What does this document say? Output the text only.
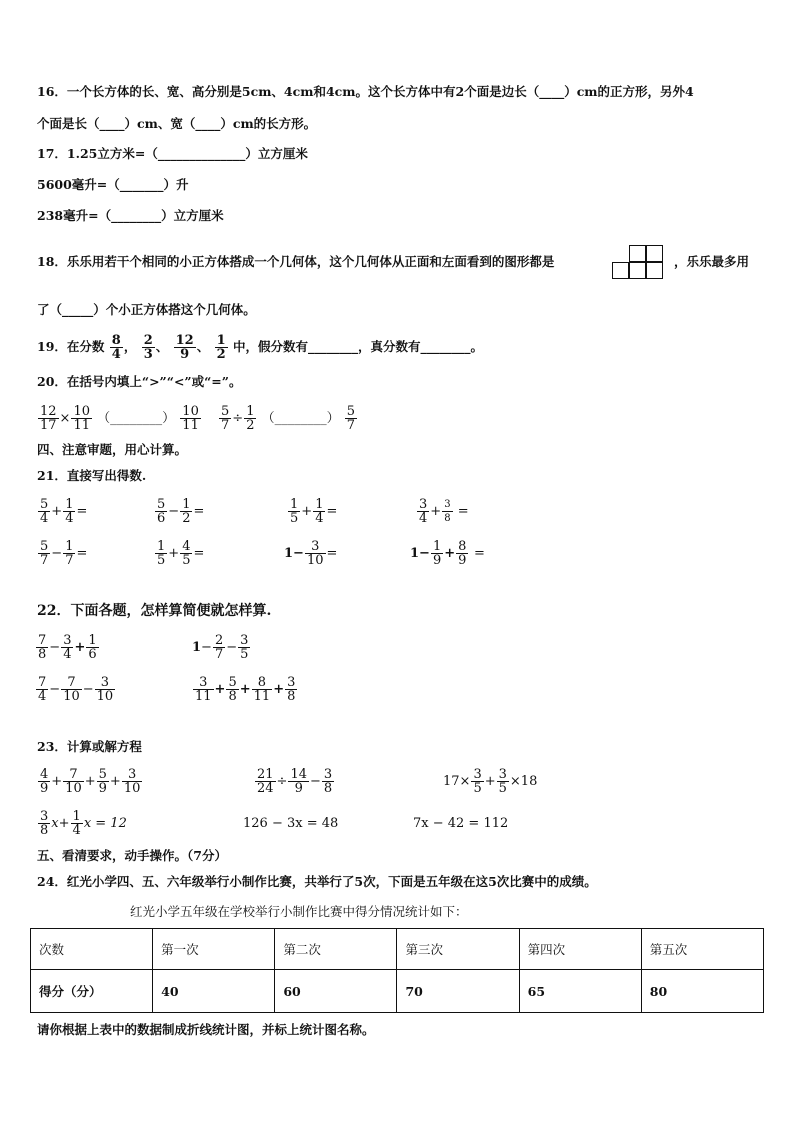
16．一个长方体的长、宽、高分别是5cm、4cm和4cm。这个长方体中有2个面是边长（____）cm的正方形，另外4
个面是长（____）cm、宽（____）cm的长方形。
17．1.25立方米=（______________）立方厘米
5600毫升=（_______）升
238毫升=（________）立方厘米
18．乐乐用若干个相同的小正方体搭成一个几何体，这个几何体从正面和左面看到的图形都是	，乐乐最多用
了（_____）个小正方体搭这个几何体。
19．在分数 $\frac{8}{4}$ ， $\frac{2}{3}$ 、 $\frac{12}{9}$ 、 $\frac{1}{2}$ 中，假分数有________，真分数有________。
20．在括号内填上“>”“<”或“=”。
$\frac{12}{17} \times \frac{10}{11}$ （________） $\frac{10}{11} \frac{5}{7} \div \frac{1}{2}$ （________） $\frac{5}{7}$
四、注意审题，用心计算。
21．直接写出得数.
$\frac{5}{4} + \frac{1}{4}$ =	$\frac{5}{6} - \frac{1}{2}$ =	$\frac{1}{5} + \frac{1}{4}$ =	$\frac{3}{4} + \frac{3}{8}$ =
$\frac{5}{7} - \frac{1}{7}$ =	$\frac{1}{5} + \frac{4}{5}$ =	$1- \frac{3}{10}$ =	$1- \frac{1}{9} + \frac{8}{9}$ =
22．下面各题，怎样算简便就怎样算.
$\frac{7}{8} - \frac{3}{4} + \frac{1}{6}$	$1- \frac{2}{7} - \frac{3}{5}$
$\frac{7}{4} - \frac{7}{10} - \frac{3}{10}$	$\frac{3}{11} + \frac{5}{8} + \frac{8}{11} + \frac{3}{8}$
23．计算或解方程
$\frac{4}{9} + \frac{7}{10} + \frac{5}{9} + \frac{3}{10}$	$\frac{21}{24} \div \frac{14}{9} - \frac{3}{8}$	$17\times \frac{3}{5} + \frac{3}{5} \times 18$
$\frac{3}{8} x+ \frac{1}{4}$ x = 12	126 − 3x = 48	7x − 42 = 112
五、看清要求，动手操作。（7分）
24．红光小学四、五、六年级举行小制作比赛，共举行了5次，下面是五年级在这5次比赛中的成绩。
红光小学五年级在学校举行小制作比赛中得分情况统计如下：
次数	第一次	第二次	第三次	第四次	第五次
得分（分）	40	60	70	65	80
请你根据上表中的数据制成折线统计图，并标上统计图名称。
